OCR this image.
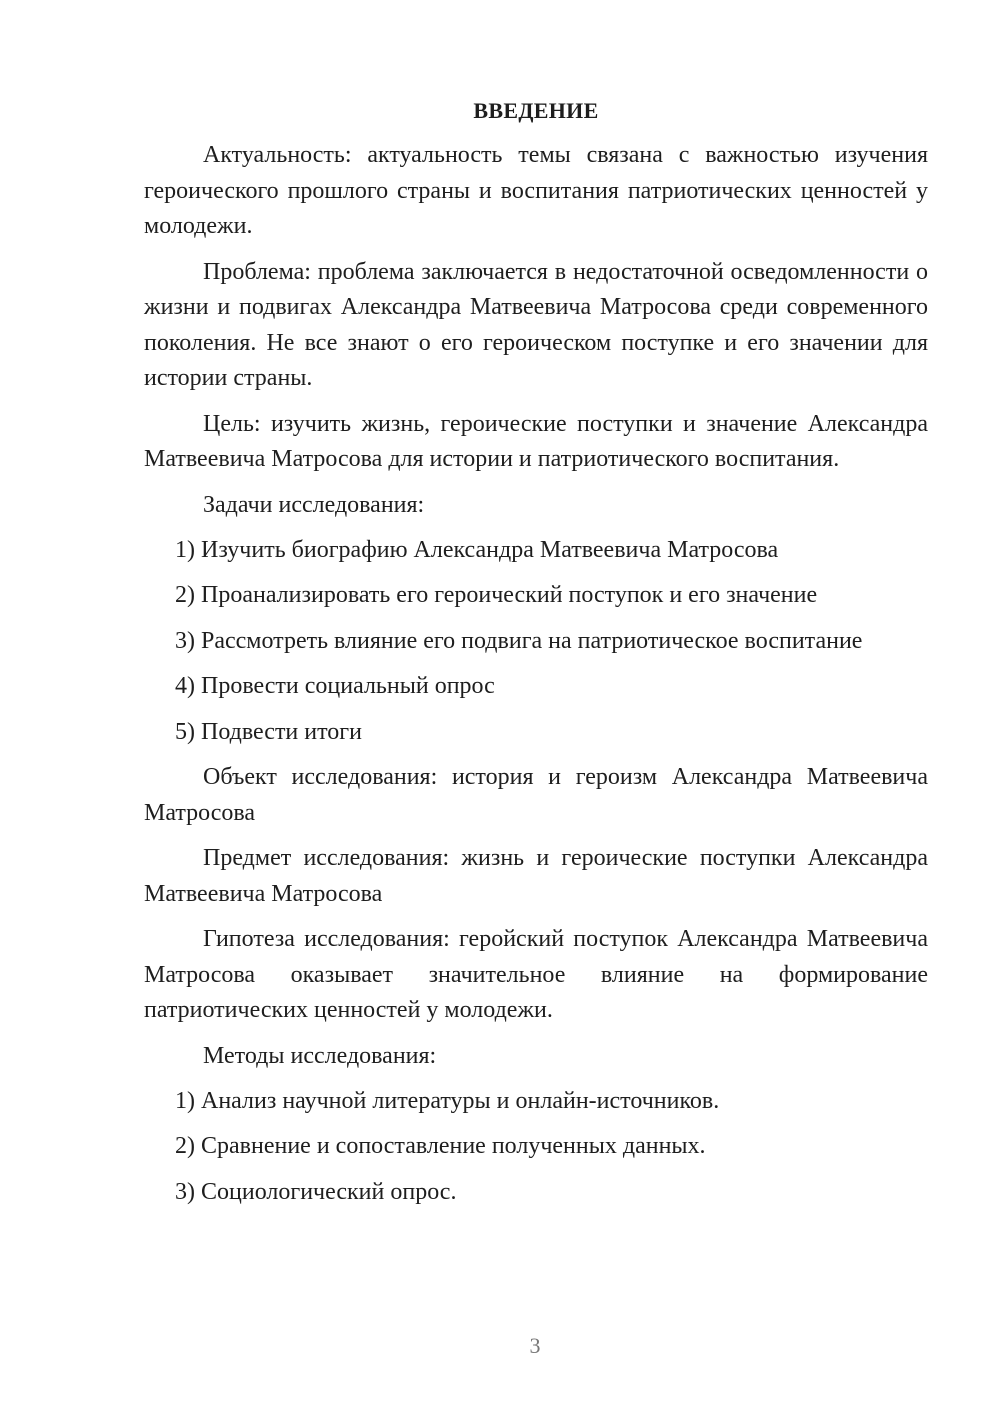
ВВЕДЕНИЕ

Актуальность: актуальность темы связана с важностью изучения героического прошлого страны и воспитания патриотических ценностей у молодежи.

Проблема: проблема заключается в недостаточной осведомленности о жизни и подвигах Александра Матвеевича Матросова среди современного поколения. Не все знают о его героическом поступке и его значении для истории страны.

Цель: изучить жизнь, героические поступки и значение Александра Матвеевича Матросова для истории и патриотического воспитания.

Задачи исследования:

1) Изучить биографию Александра Матвеевича Матросова
2) Проанализировать его героический поступок и его значение
3) Рассмотреть влияние его подвига на патриотическое воспитание
4) Провести социальный опрос
5) Подвести итоги

Объект исследования: история и героизм Александра Матвеевича Матросова

Предмет исследования: жизнь и героические поступки Александра Матвеевича Матросова

Гипотеза исследования: геройский поступок Александра Матвеевича Матросова оказывает значительное влияние на формирование патриотических ценностей у молодежи.

Методы исследования:

1) Анализ научной литературы и онлайн-источников.
2) Сравнение и сопоставление полученных данных.
3) Социологический опрос.
3
